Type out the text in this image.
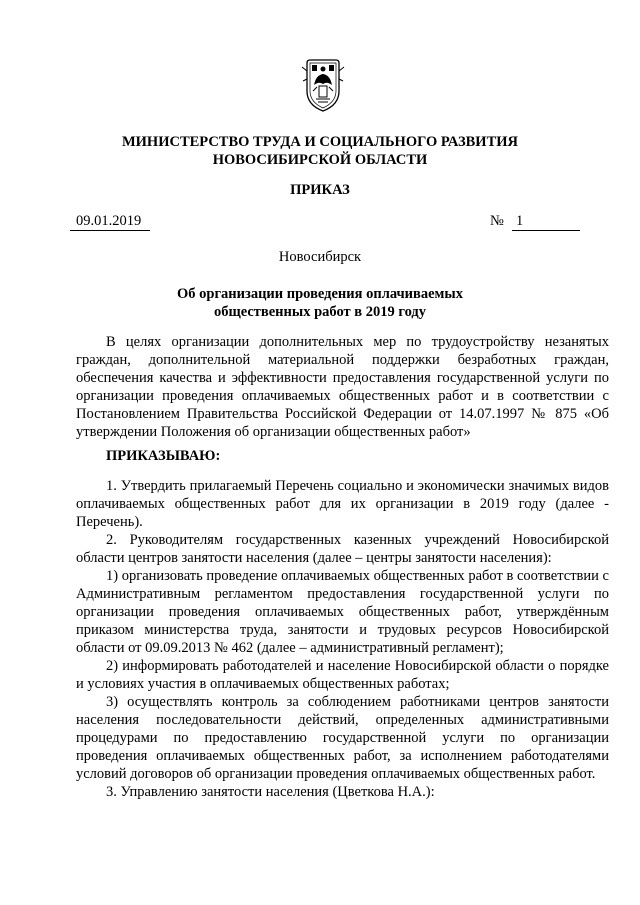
МИНИСТЕРСТВО ТРУДА И СОЦИАЛЬНОГО РАЗВИТИЯ
НОВОСИБИРСКОЙ ОБЛАСТИ
ПРИКАЗ
09.01.2019	№ 1
Новосибирск
Об организации проведения оплачиваемых
общественных работ в 2019 году

В целях организации дополнительных мер по трудоустройству незанятых граждан, дополнительной материальной поддержки безработных граждан, обеспечения качества и эффективности предоставления государственной услуги по организации проведения оплачиваемых общественных работ и в соответствии с Постановлением Правительства Российской Федерации от 14.07.1997 № 875 «Об утверждении Положения об организации общественных работ»

ПРИКАЗЫВАЮ:

1. Утвердить прилагаемый Перечень социально и экономически значимых видов оплачиваемых общественных работ для их организации в 2019 году (далее - Перечень).

2. Руководителям государственных казенных учреждений Новосибирской области центров занятости населения (далее – центры занятости населения):

1) организовать проведение оплачиваемых общественных работ в соответствии с Административным регламентом предоставления государственной услуги по организации проведения оплачиваемых общественных работ, утверждённым приказом министерства труда, занятости и трудовых ресурсов Новосибирской области от 09.09.2013 № 462 (далее – административный регламент);

2) информировать работодателей и население Новосибирской области о порядке и условиях участия в оплачиваемых общественных работах;

3) осуществлять контроль за соблюдением работниками центров занятости населения последовательности действий, определенных административными процедурами по предоставлению государственной услуги по организации проведения оплачиваемых общественных работ, за исполнением работодателями условий договоров об организации проведения оплачиваемых общественных работ.

3. Управлению занятости населения (Цветкова Н.А.):
